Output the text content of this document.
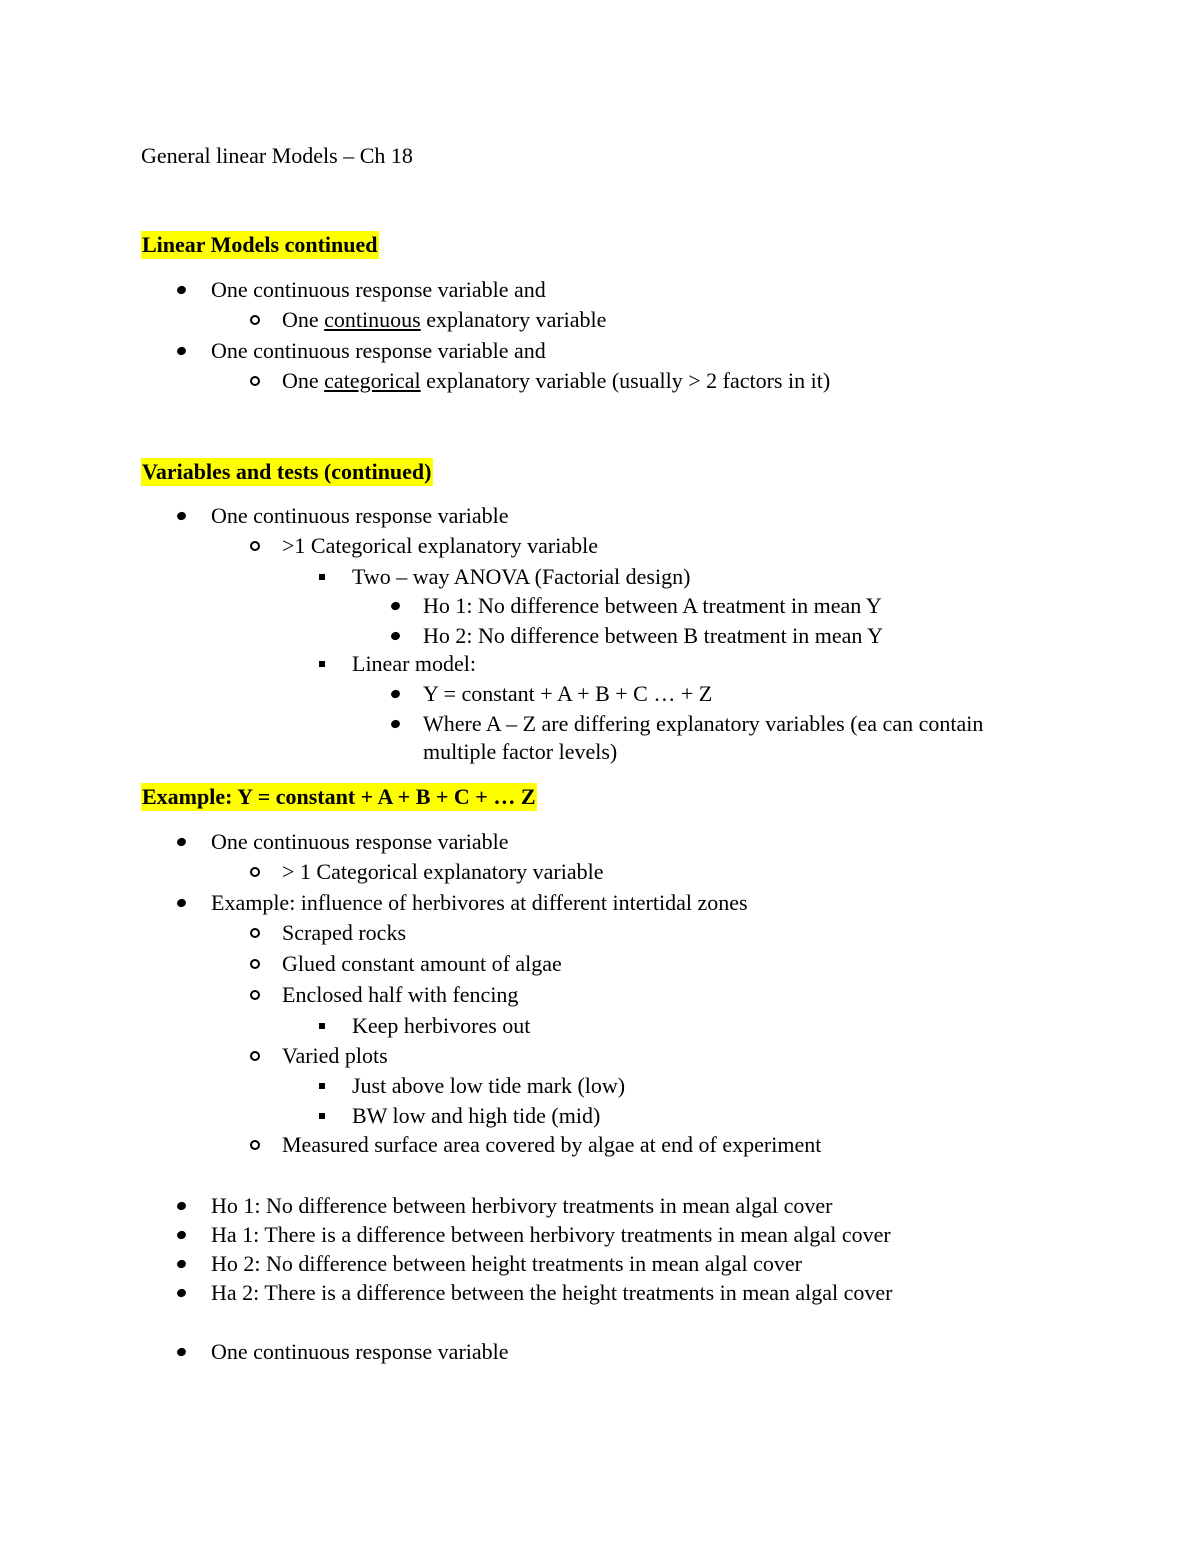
General linear Models – Ch 18
Linear Models continued
One continuous response variable and
One continuous explanatory variable
One continuous response variable and
One categorical explanatory variable (usually > 2 factors in it)
Variables and tests (continued)
One continuous response variable
>1 Categorical explanatory variable
Two – way ANOVA (Factorial design)
Ho 1: No difference between A treatment in mean Y
Ho 2: No difference between B treatment in mean Y
Linear model:
Y = constant + A + B + C … + Z
Where A – Z are differing explanatory variables (ea can contain
multiple factor levels)
Example: Y = constant + A + B + C + … Z
One continuous response variable
> 1 Categorical explanatory variable
Example: influence of herbivores at different intertidal zones
Scraped rocks
Glued constant amount of algae
Enclosed half with fencing
Keep herbivores out
Varied plots
Just above low tide mark (low)
BW low and high tide (mid)
Measured surface area covered by algae at end of experiment
Ho 1: No difference between herbivory treatments in mean algal cover
Ha 1: There is a difference between herbivory treatments in mean algal cover
Ho 2: No difference between height treatments in mean algal cover
Ha 2: There is a difference between the height treatments in mean algal cover
One continuous response variable
